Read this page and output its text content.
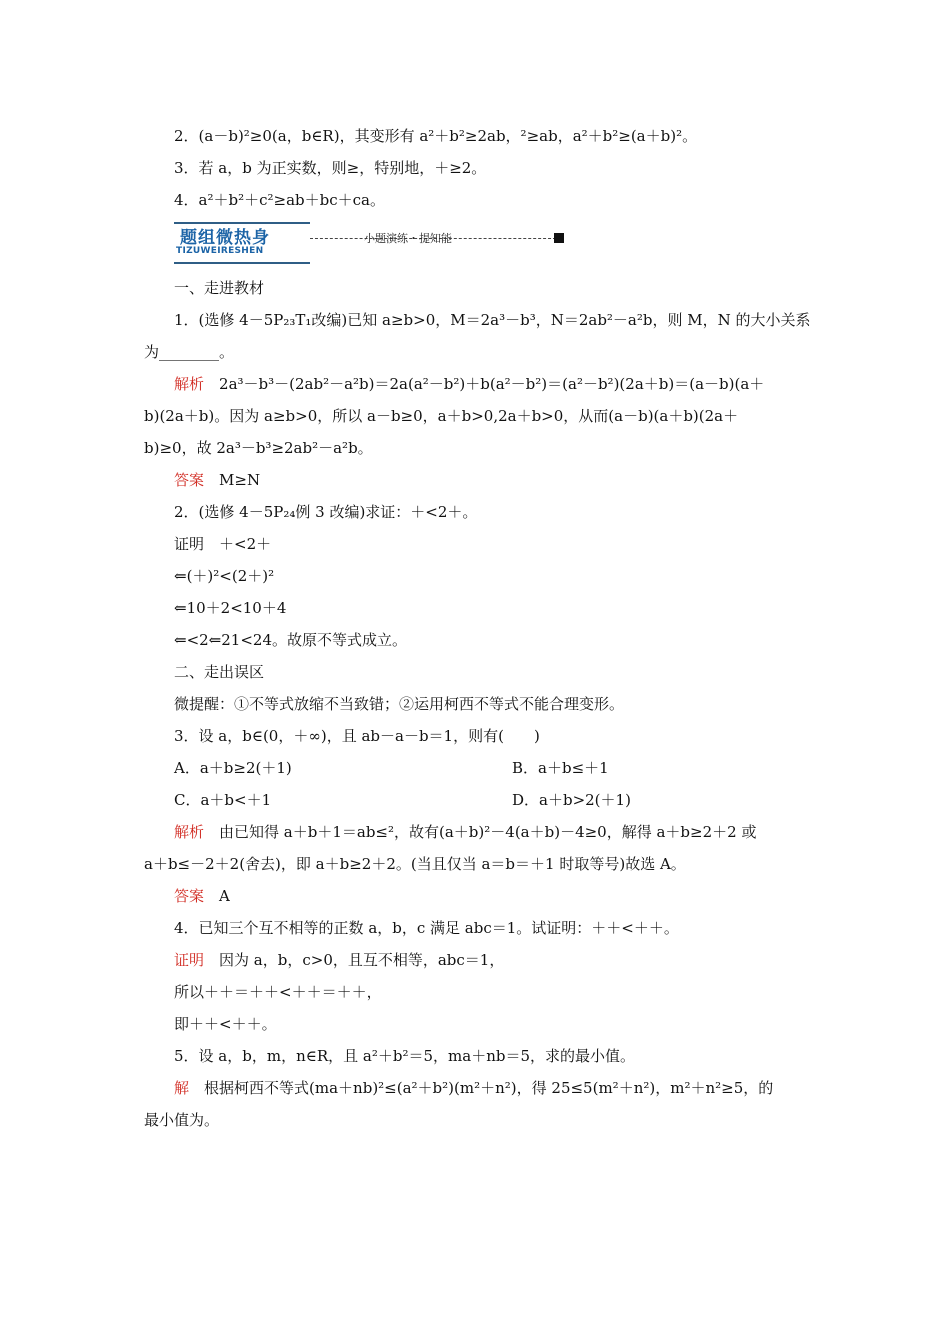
2．(a－b)²≥0(a，b∈R)，其变形有 a²＋b²≥2ab，²≥ab，a²＋b²≥(a＋b)²。
3．若 a，b 为正实数，则≥，特别地，＋≥2。
4．a²＋b²＋c²≥ab＋bc＋ca。
题组微热身
TIZUWEIRESHEN
小题演练・提知能
一、走进教材
1．(选修 4－5P₂₃T₁改编)已知 a≥b>0，M＝2a³－b³，N＝2ab²－a²b，则 M，N 的大小关系
为________。
解析　 2a³－b³－(2ab²－a²b)＝2a(a²－b²)＋b(a²－b²)＝(a²－b²)(2a＋b)＝(a－b)(a＋
b)(2a＋b)。因为 a≥b>0，所以 a－b≥0，a＋b>0,2a＋b>0，从而(a－b)(a＋b)(2a＋
b)≥0，故 2a³－b³≥2ab²－a²b。
答案　 M≥N
2．(选修 4－5P₂₄例 3 改编)求证：＋<2＋。
证明　＋<2＋
⇐(＋)²<(2＋)²
⇐10＋2<10＋4
⇐<2⇐21<24。故原不等式成立。
二、走出误区
微提醒：①不等式放缩不当致错；②运用柯西不等式不能合理变形。
3．设 a，b∈(0，＋∞)，且 ab－a－b＝1，则有(　　)
A．a＋b≥2(＋1)	B．a＋b≤＋1
C．a＋b<＋1	D．a＋b>2(＋1)
解析　 由已知得 a＋b＋1＝ab≤²，故有(a＋b)²－4(a＋b)－4≥0，解得 a＋b≥2＋2 或
a＋b≤－2＋2(舍去)，即 a＋b≥2＋2。(当且仅当 a＝b＝＋1 时取等号)故选 A。
答案　 A
4．已知三个互不相等的正数 a，b，c 满足 abc＝1。试证明：＋＋<＋＋。
证明　 因为 a，b，c>0，且互不相等，abc＝1，
所以＋＋＝＋＋<＋＋＝＋＋，
即＋＋<＋＋。
5．设 a，b，m，n∈R，且 a²＋b²＝5，ma＋nb＝5，求的最小值。
解　 根据柯西不等式(ma＋nb)²≤(a²＋b²)(m²＋n²)，得 25≤5(m²＋n²)，m²＋n²≥5，的
最小值为。
